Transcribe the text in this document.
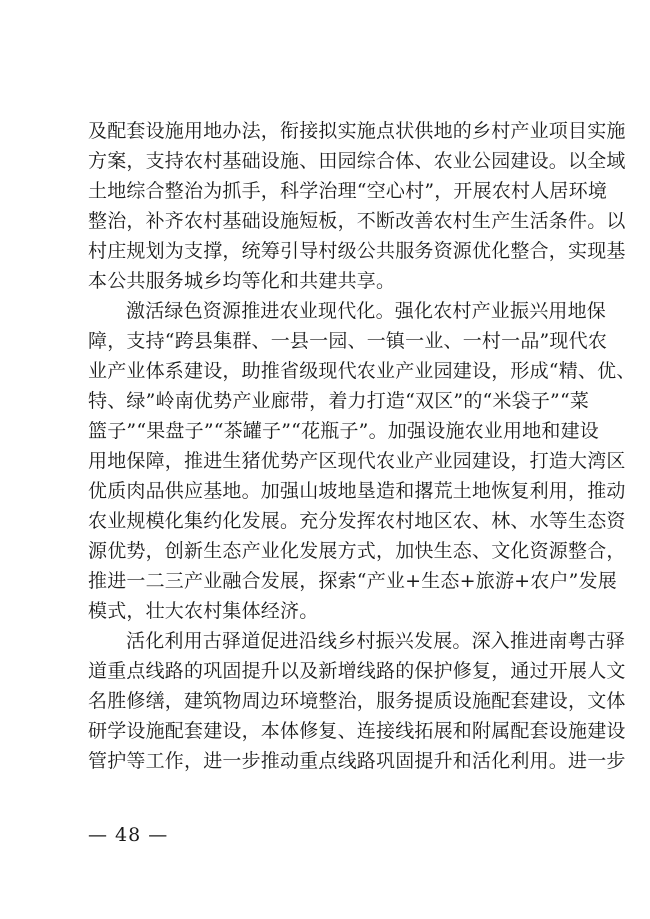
及配套设施用地办法，衔接拟实施点状供地的乡村产业项目实施
方案，支持农村基础设施、田园综合体、农业公园建设。以全域
土地综合整治为抓手，科学治理“空心村”，开展农村人居环境
整治，补齐农村基础设施短板，不断改善农村生产生活条件。以
村庄规划为支撑，统筹引导村级公共服务资源优化整合，实现基
本公共服务城乡均等化和共建共享。
激活绿色资源推进农业现代化。强化农村产业振兴用地保
障，支持“跨县集群、一县一园、一镇一业、一村一品”现代农
业产业体系建设，助推省级现代农业产业园建设，形成“精、优、
特、绿”岭南优势产业廊带，着力打造“双区”的“米袋子”“菜
篮子”“果盘子”“茶罐子”“花瓶子”。加强设施农业用地和建设
用地保障，推进生猪优势产区现代农业产业园建设，打造大湾区
优质肉品供应基地。加强山坡地垦造和撂荒土地恢复利用，推动
农业规模化集约化发展。充分发挥农村地区农、林、水等生态资
源优势，创新生态产业化发展方式，加快生态、文化资源整合，
推进一二三产业融合发展，探索“产业+生态+旅游+农户”发展
模式，壮大农村集体经济。
活化利用古驿道促进沿线乡村振兴发展。深入推进南粤古驿
道重点线路的巩固提升以及新增线路的保护修复，通过开展人文
名胜修缮，建筑物周边环境整治，服务提质设施配套建设，文体
研学设施配套建设，本体修复、连接线拓展和附属配套设施建设
管护等工作，进一步推动重点线路巩固提升和活化利用。进一步
— 48 —
